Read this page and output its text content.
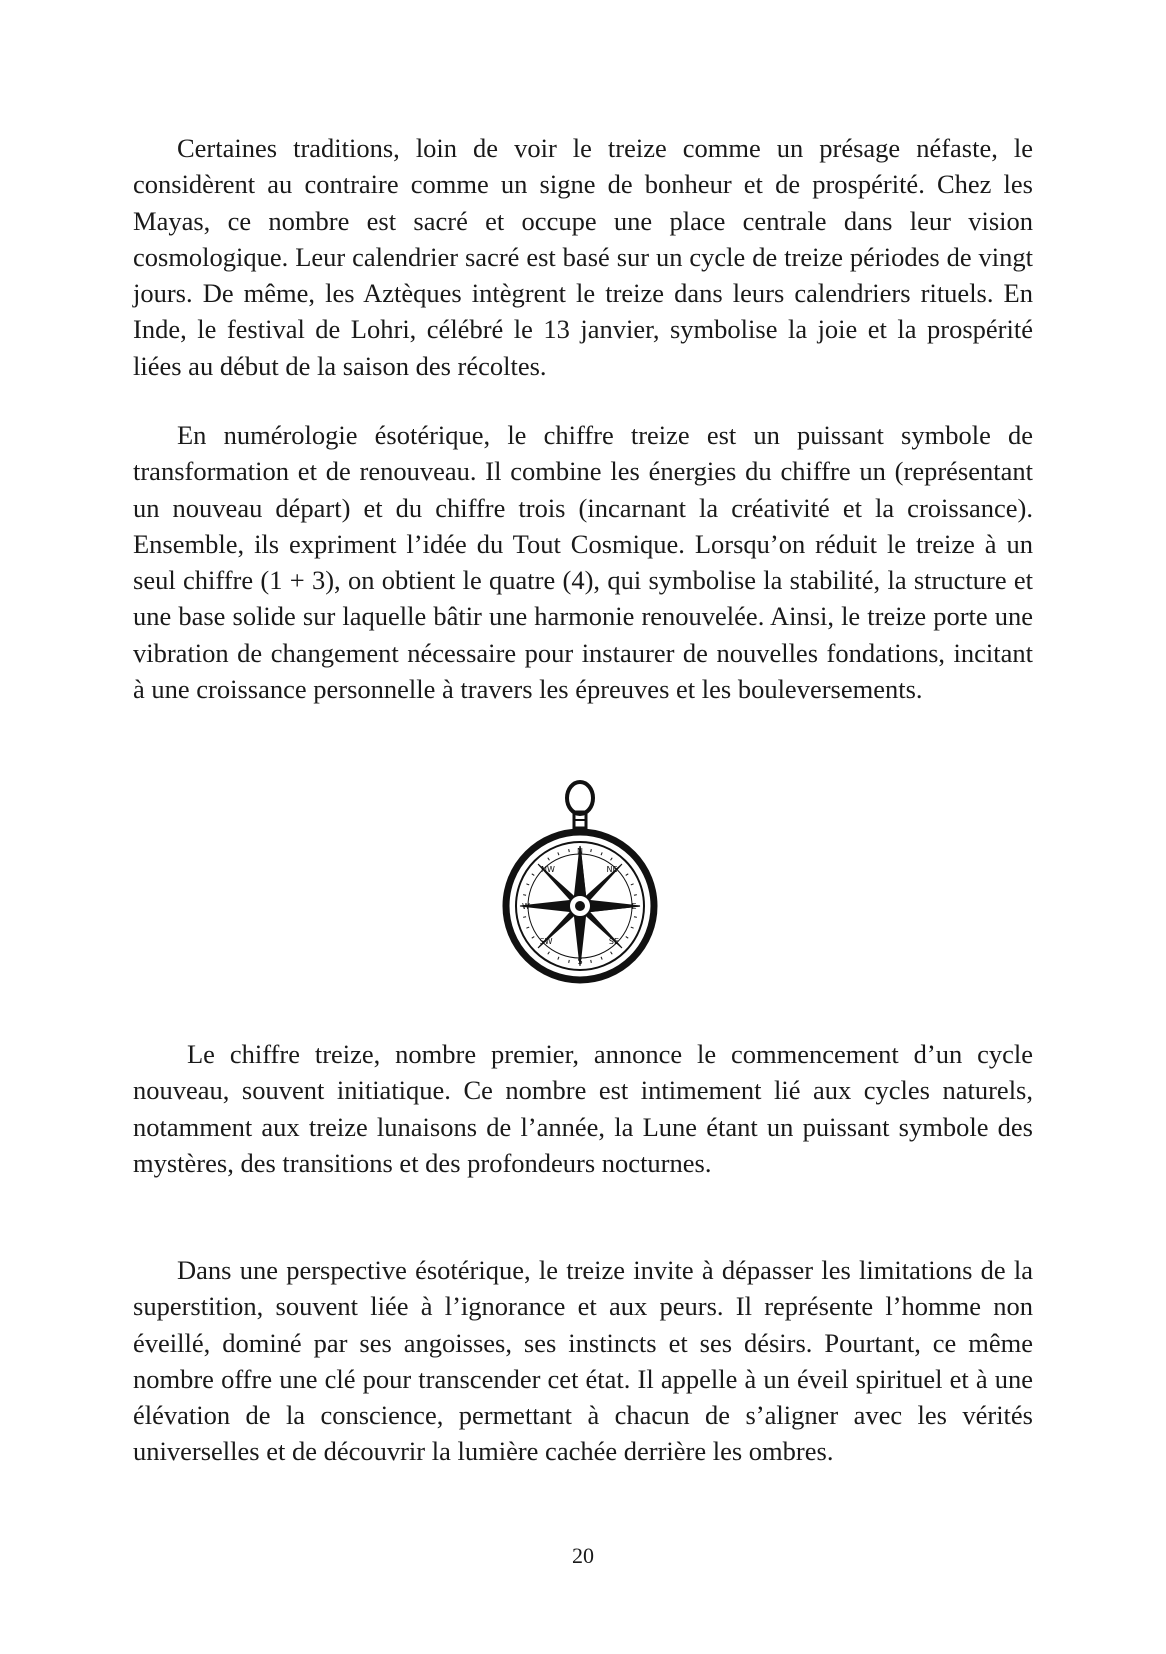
Certaines traditions, loin de voir le treize comme un présage néfaste, le considèrent au contraire comme un signe de bonheur et de prospérité. Chez les Mayas, ce nombre est sacré et occupe une place centrale dans leur vision cosmologique. Leur calendrier sacré est basé sur un cycle de treize périodes de vingt jours. De même, les Aztèques intègrent le treize dans leurs calendriers rituels. En Inde, le festival de Lohri, célébré le 13 janvier, symbolise la joie et la prospérité liées au début de la saison des récoltes.

En numérologie ésotérique, le chiffre treize est un puissant symbole de transformation et de renouveau. Il combine les énergies du chiffre un (représentant un nouveau départ) et du chiffre trois (incarnant la créativité et la croissance). Ensemble, ils expriment l’idée du Tout Cosmique. Lorsqu’on réduit le treize à un seul chiffre (1 + 3), on obtient le quatre (4), qui symbolise la stabilité, la structure et une base solide sur laquelle bâtir une harmonie renouvelée. Ainsi, le treize porte une vibration de changement nécessaire pour instaurer de nouvelles fondations, incitant à une croissance personnelle à travers les épreuves et les bouleversements.

N
NE
E
SE
S
SW
W
NW

Le chiffre treize, nombre premier, annonce le commencement d’un cycle nouveau, souvent initiatique. Ce nombre est intimement lié aux cycles naturels, notamment aux treize lunaisons de l’année, la Lune étant un puissant symbole des mystères, des transitions et des profondeurs nocturnes.

Dans une perspective ésotérique, le treize invite à dépasser les limitations de la superstition, souvent liée à l’ignorance et aux peurs. Il représente l’homme non éveillé, dominé par ses angoisses, ses instincts et ses désirs. Pourtant, ce même nombre offre une clé pour transcender cet état. Il appelle à un éveil spirituel et à une élévation de la conscience, permettant à chacun de s’aligner avec les vérités universelles et de découvrir la lumière cachée derrière les ombres.

20
